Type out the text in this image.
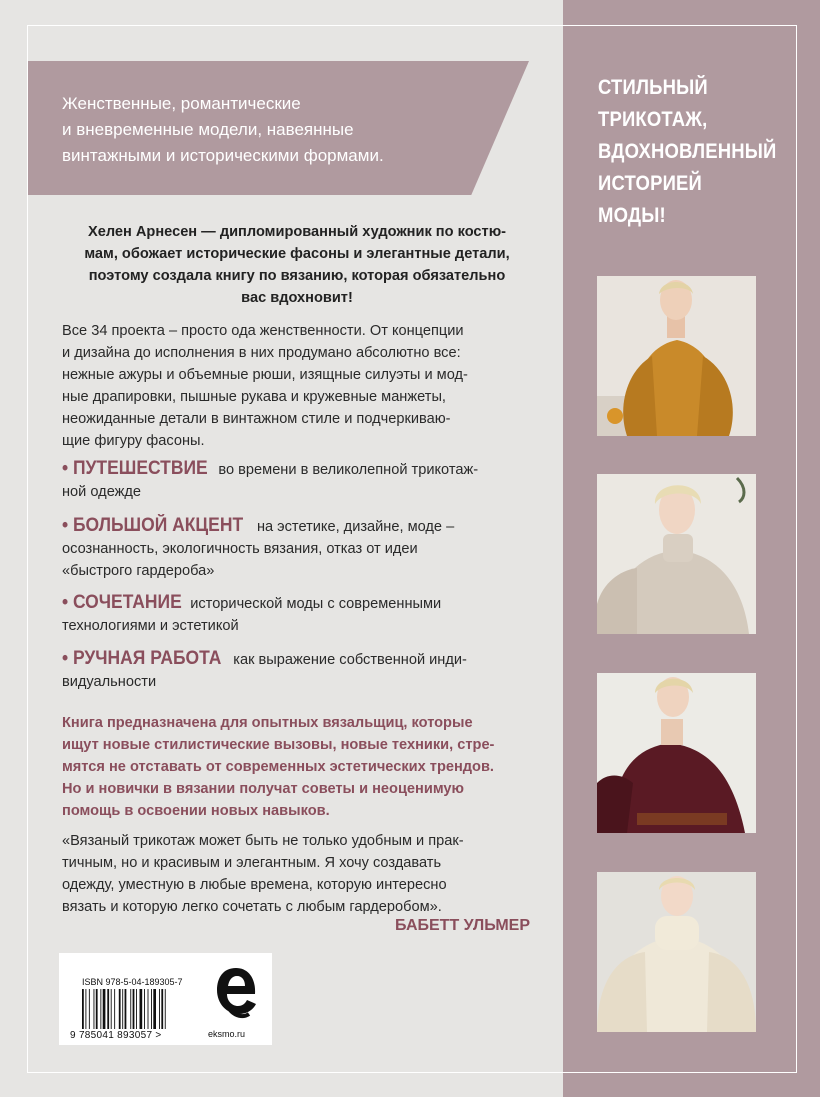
СТИЛЬНЫЙ
ТРИКОТАЖ,
ВДОХНОВЛЕННЫЙ
ИСТОРИЕЙ МОДЫ!
Женственные, романтические
и вневременные модели, навеянные
винтажными и историческими формами.
Хелен Арнесен — дипломированный художник по костю-
мам, обожает исторические фасоны и элегантные детали,
поэтому создала книгу по вязанию, которая обязательно
вас вдохновит!
Все 34 проекта – просто ода женственности. От концепции
и дизайна до исполнения в них продумано абсолютно все:
нежные ажуры и объемные рюши, изящные силуэты и мод-
ные драпировки, пышные рукава и кружевные манжеты,
неожиданные детали в винтажном стиле и подчеркиваю-
щие фигуру фасоны.
• ПУТЕШЕСТВИЕ во времени в великолепной трикотаж-
ной одежде
• БОЛЬШОЙ АКЦЕНТ на эстетике, дизайне, моде –
осознанность, экологичность вязания, отказ от идеи
«быстрого гардероба»
• СОЧЕТАНИЕ исторической моды с современными
технологиями и эстетикой
• РУЧНАЯ РАБОТА как выражение собственной инди-
видуальности
Книга предназначена для опытных вязальщиц, которые
ищут новые стилистические вызовы, новые техники, стре-
мятся не отставать от современных эстетических трендов.
Но и новички в вязании получат советы и неоценимую
помощь в освоении новых навыков.
«Вязаный трикотаж может быть не только удобным и прак-
тичным, но и красивым и элегантным. Я хочу создавать
одежду, уместную в любые времена, которую интересно
вязать и которую легко сочетать с любым гардеробом».
БАБЕТТ УЛЬМЕР
ISBN 978-5-04-189305-7
9 785041 893057 >	eksmo.ru
